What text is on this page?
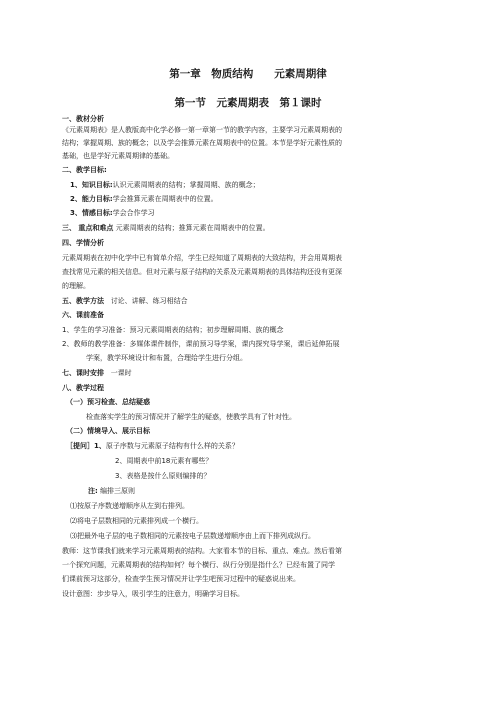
第一章　物质结构　　元素周期律
第一节　元素周期表　第１课时
一、教材分析
《元素周期表》是人教版高中化学必修一第一章第一节的教学内容，主要学习元素周期表的
结构；掌握周期、族的概念；以及学会推算元素在周期表中的位置。本节是学好元素性质的
基础，也是学好元素周期律的基础。
二、教学目标:
1、知识目标:认识元素周期表的结构；掌握周期、族的概念；
2、能力目标:学会推算元素在周期表中的位置。
3、情感目标:学会合作学习
三、 重点和难点 元素周期表的结构；推算元素在周期表中的位置。
四、学情分析
元素周期表在初中化学中已有简单介绍，学生已经知道了周期表的大致结构，并会用周期表
查找常见元素的相关信息。但对元素与原子结构的关系及元素周期表的具体结构还没有更深
的理解。
五、教学方法 讨论、讲解、练习相结合
六、课前准备
1、学生的学习准备：预习元素周期表的结构；初步理解周期、族的概念
2、教师的教学准备：多媒体课件制作，课前预习导学案，课内探究导学案，课后延伸拓展
学案，教学环境设计和布置，合理给学生进行分组。
七、课时安排 一课时
八、教学过程
（一）预习检查、总结疑惑
检查落实学生的预习情况并了解学生的疑惑，使教学具有了针对性。
（二）情境导入、展示目标
［提问］1、原子序数与元素原子结构有什么样的关系？
2、周期表中前18元素有哪些？
3、表格是按什么原则编排的？
注: 编排三原则
⑴按原子序数递增顺序从左到右排列。
⑵将电子层数相同的元素排列成一个横行。
⑶把最外电子层的电子数相同的元素按电子层数递增顺序由上而下排列成纵行。
教师：这节课我们就来学习元素周期表的结构。大家看本节的目标、重点、难点。然后看第
一个探究问题，元素周期表的结构如何？每个横行、纵行分别是指什么？已经布置了同学
们课前预习这部分，检查学生预习情况并让学生吧预习过程中的疑惑说出来。
设计意图：步步导入，吸引学生的注意力，明确学习目标。
